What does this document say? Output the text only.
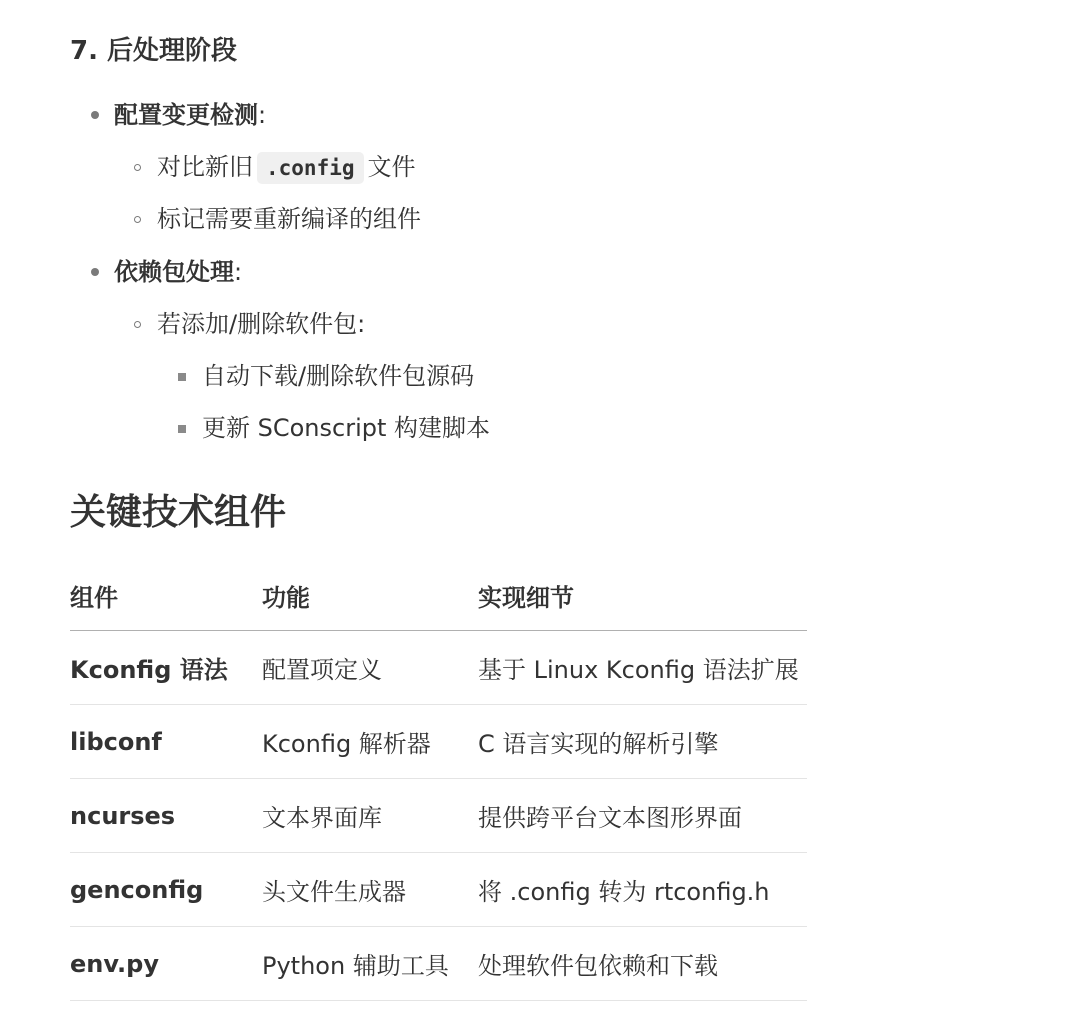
7. 后处理阶段
配置变更检测:
对比新旧 .config 文件
标记需要重新编译的组件
依赖包处理:
若添加/删除软件包:
自动下载/删除软件包源码
更新 SConscript 构建脚本
关键技术组件
组件	功能	实现细节
Kconfig 语法	配置项定义	基于 Linux Kconfig 语法扩展
libconf	Kconfig 解析器	C 语言实现的解析引擎
ncurses	文本界面库	提供跨平台文本图形界面
genconfig	头文件生成器	将 .config 转为 rtconfig.h
env.py	Python 辅助工具	处理软件包依赖和下载
